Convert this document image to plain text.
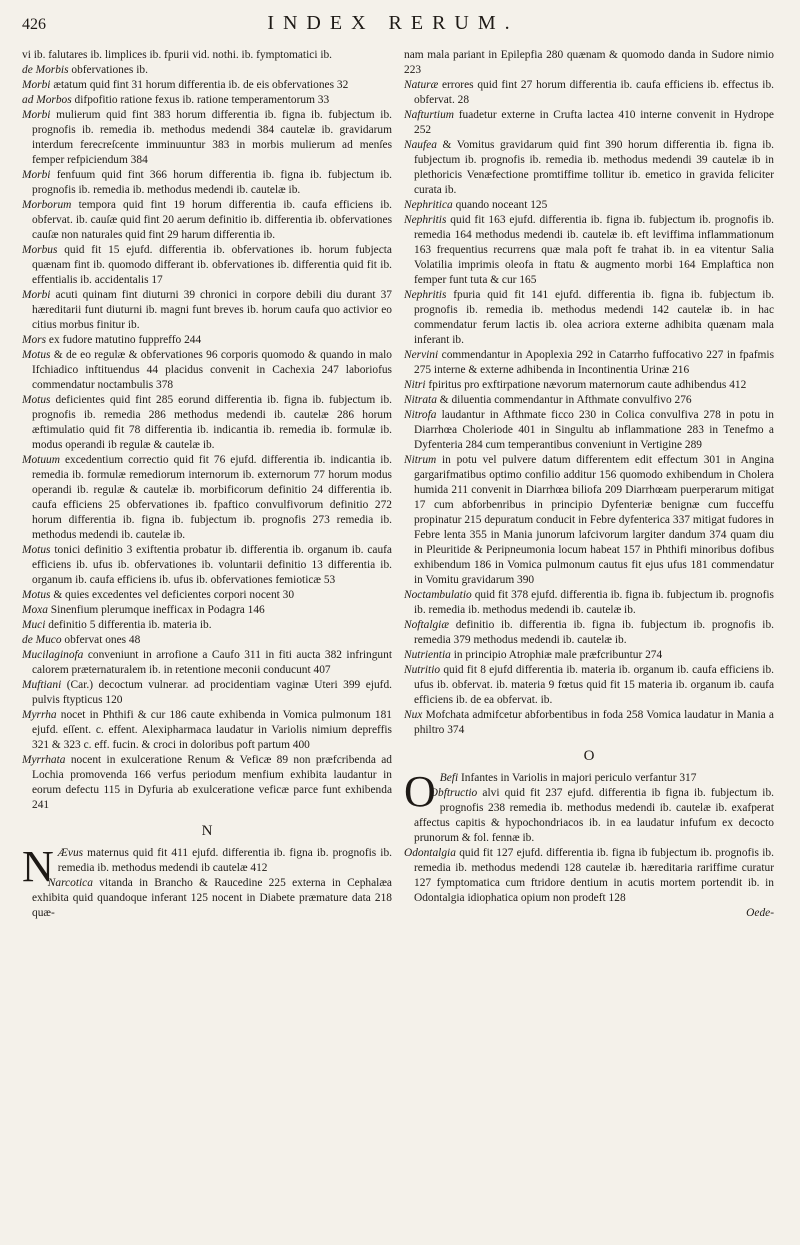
426	INDEX RERUM.

vi ib. falutares ib. limplices ib. fpurii vid. nothi. ib. fymptomatici ib.

de Morbis obfervationes ib.

Morbi ætatum quid fint 31 horum differentia ib. de eis obfervationes 32

ad Morbos difpofitio ratione fexus ib. ratione temperamentorum 33

Morbi mulierum quid fint 383 horum differentia ib. figna ib. fubjectum ib. prognofis ib. remedia ib. methodus medendi 384 cautelæ ib. gravidarum interdum ferecreſcente imminuuntur 383 in morbis mulierum ad menſes femper refpiciendum 384

Morbi fenfuum quid fint 366 horum differentia ib. figna ib. fubjectum ib. prognofis ib. remedia ib. methodus medendi ib. cautelæ ib.

Morborum tempora quid fint 19 horum differentia ib. caufa efficiens ib. obfervat. ib. cauſæ quid fint 20 aerum definitio ib. differentia ib. obfervationes cauſæ non naturales quid fint 29 harum differentia ib.

Morbus quid fit 15 ejufd. differentia ib. obfervationes ib. horum fubjecta quænam fint ib. quomodo differant ib. obfervationes ib. differentia quid fit ib. effentialis ib. accidentalis 17

Morbi acuti quinam fint diuturni 39 chronici in corpore debili diu durant 37 hæreditarii funt diuturni ib. magni funt breves ib. horum caufa quo activior eo citius morbus finitur ib.

Mors ex fudore matutino fuppreffo 244

Motus & de eo regulæ & obfervationes 96 corporis quomodo & quando in malo Ifchiadico inftituendus 44 placidus convenit in Cachexia 247 laboriofus commendatur noctambulis 378

Motus deficientes quid fint 285 eorund differentia ib. figna ib. fubjectum ib. prognofis ib. remedia 286 methodus medendi ib. cautelæ 286 horum æftimulatio quid fit 78 differentia ib. indicantia ib. remedia ib. formulæ ib. modus operandi ib regulæ & cautelæ ib.

Motuum excedentium correctio quid fit 76 ejufd. differentia ib. indicantia ib. remedia ib. formulæ remediorum internorum ib. externorum 77 horum modus operandi ib. regulæ & cautelæ ib. morbificorum definitio 24 differentia ib. caufa efficiens 25 obfervationes ib. fpaftico convulfivorum definitio 272 horum differentia ib. figna ib. fubjectum ib. prognofis 273 remedia ib. methodus medendi ib. cautelæ ib.

Motus tonici definitio 3 exiftentia probatur ib. differentia ib. organum ib. caufa efficiens ib. ufus ib. obfervationes ib. voluntarii definitio 13 differentia ib. organum ib. caufa efficiens ib. ufus ib. obfervationes femioticæ 53

Motus & quies excedentes vel deficientes corpori nocent 30

Moxa Sinenfium plerumque inefficax in Podagra 146

Muci definitio 5 differentia ib. materia ib.

de Muco obfervat ones 48

Mucilaginofa conveniunt in arrofione a Caufo 311 in fiti aucta 382 infringunt calorem præternaturalem ib. in retentione meconii conducunt 407

Muftiani (Car.) decoctum vulnerar. ad procidentiam vaginæ Uteri 399 ejufd. pulvis ftypticus 120

Myrrha nocet in Phthifi & cur 186 caute exhibenda in Vomica pulmonum 181 ejufd. eſſent. c. effent. Alexipharmaca laudatur in Variolis nimium depreffis 321 & 323 c. eff. fucin. & croci in doloribus poft partum 400

Myrrhata nocent in exulceratione Renum & Veficæ 89 non præfcribenda ad Lochia promovenda 166 verfus periodum menfium exhibita laudantur in eorum defectu 115 in Dyfuria ab exulceratione veficæ parce funt exhibenda 241

N

N Ævus maternus quid fit 411 ejufd. differentia ib. figna ib. prognofis ib. remedia ib. methodus medendi ib cautelæ 412

Narcotica vitanda in Brancho & Raucedine 225 externa in Cephalæa exhibita quid quandoque inferant 125 nocent in Diabete præmature data 218 quæ-

nam mala pariant in Epilepfia 280 quænam & quomodo danda in Sudore nimio 223

Naturæ errores quid fint 27 horum differentia ib. caufa efficiens ib. effectus ib. obfervat. 28

Nafturtium fuadetur externe in Crufta lactea 410 interne convenit in Hydrope 252

Naufea & Vomitus gravidarum quid fint 390 horum differentia ib. figna ib. fubjectum ib. prognofis ib. remedia ib. methodus medendi 39 cautelæ ib in plethoricis Venæfectione promtiffime tollitur ib. emetico in gravida feliciter curata ib.

Nephritica quando noceant 125

Nephritis quid fit 163 ejufd. differentia ib. figna ib. fubjectum ib. prognofis ib. remedia 164 methodus medendi ib. cautelæ ib. eft leviffima inflammationum 163 frequentius recurrens quæ mala poft fe trahat ib. in ea vitentur Salia Volatilia imprimis oleofa in ftatu & augmento morbi 164 Emplaftica non femper funt tuta & cur 165

Nephritis fpuria quid fit 141 ejufd. differentia ib. figna ib. fubjectum ib. prognofis ib. remedia ib. methodus medendi 142 cautelæ ib. in hac commendatur ferum lactis ib. olea acriora externe adhibita quænam mala inferant ib.

Nervini commendantur in Apoplexia 292 in Catarrho fuffocativo 227 in fpafmis 275 interne & externe adhibenda in Incontinentia Urinæ 216

Nitri fpiritus pro exftirpatione nævorum maternorum caute adhibendus 412

Nitrata & diluentia commendantur in Afthmate convulfivo 276

Nitrofa laudantur in Afthmate ficco 230 in Colica convulfiva 278 in potu in Diarrhœa Choleriode 401 in Singultu ab inflammatione 283 in Tenefmo a Dyfenteria 284 cum temperantibus conveniunt in Vertigine 289

Nitrum in potu vel pulvere datum differentem edit effectum 301 in Angina gargarifmatibus optimo confilio additur 156 quomodo exhibendum in Cholera humida 211 convenit in Diarrhœa biliofa 209 Diarrhœam puerperarum mitigat 17 cum abforbenribus in principio Dyfenteriæ benignæ cum fucceffu propinatur 215 depuratum conducit in Febre dyfenterica 337 mitigat fudores in Febre lenta 355 in Mania junorum lafcivorum largiter dandum 374 quam diu in Pleuritide & Peripneumonia locum habeat 157 in Phthifi minoribus dofibus exhibendum 186 in Vomica pulmonum cautus fit ejus ufus 181 commendatur in Vomitu gravidarum 390

Noctambulatio quid fit 378 ejufd. differentia ib. figna ib. fubjectum ib. prognofis ib. remedia ib. methodus medendi ib. cautelæ ib.

Noftalgiæ definitio ib. differentia ib. figna ib. fubjectum ib. prognofis ib. remedia 379 methodus medendi ib. cautelæ ib.

Nutrientia in principio Atrophiæ male præfcribuntur 274

Nutritio quid fit 8 ejufd differentia ib. materia ib. organum ib. caufa efficiens ib. ufus ib. obfervat. ib. materia 9 fœtus quid fit 15 materia ib. organum ib. caufa efficiens ib. de ea obfervat. ib.

Nux Mofchata admifcetur abforbentibus in foda 258 Vomica laudatur in Mania a philtro 374

O

O Befi Infantes in Variolis in majori periculo verfantur 317

Obftructio alvi quid fit 237 ejufd. differentia ib figna ib. fubjectum ib. prognofis 238 remedia ib. methodus medendi ib. cautelæ ib. exafperat affectus capitis & hypochondriacos ib. in ea laudatur infufum ex decocto prunorum & fol. fennæ ib.

Odontalgia quid fit 127 ejufd. differentia ib. figna ib fubjectum ib. prognofis ib. remedia ib. methodus medendi 128 cautelæ ib. hæreditaria rariffime curatur 127 fymptomatica cum ftridore dentium in acutis mortem portendit ib. in Odontalgia idiophatica opium non prodeft 128

Oede-
